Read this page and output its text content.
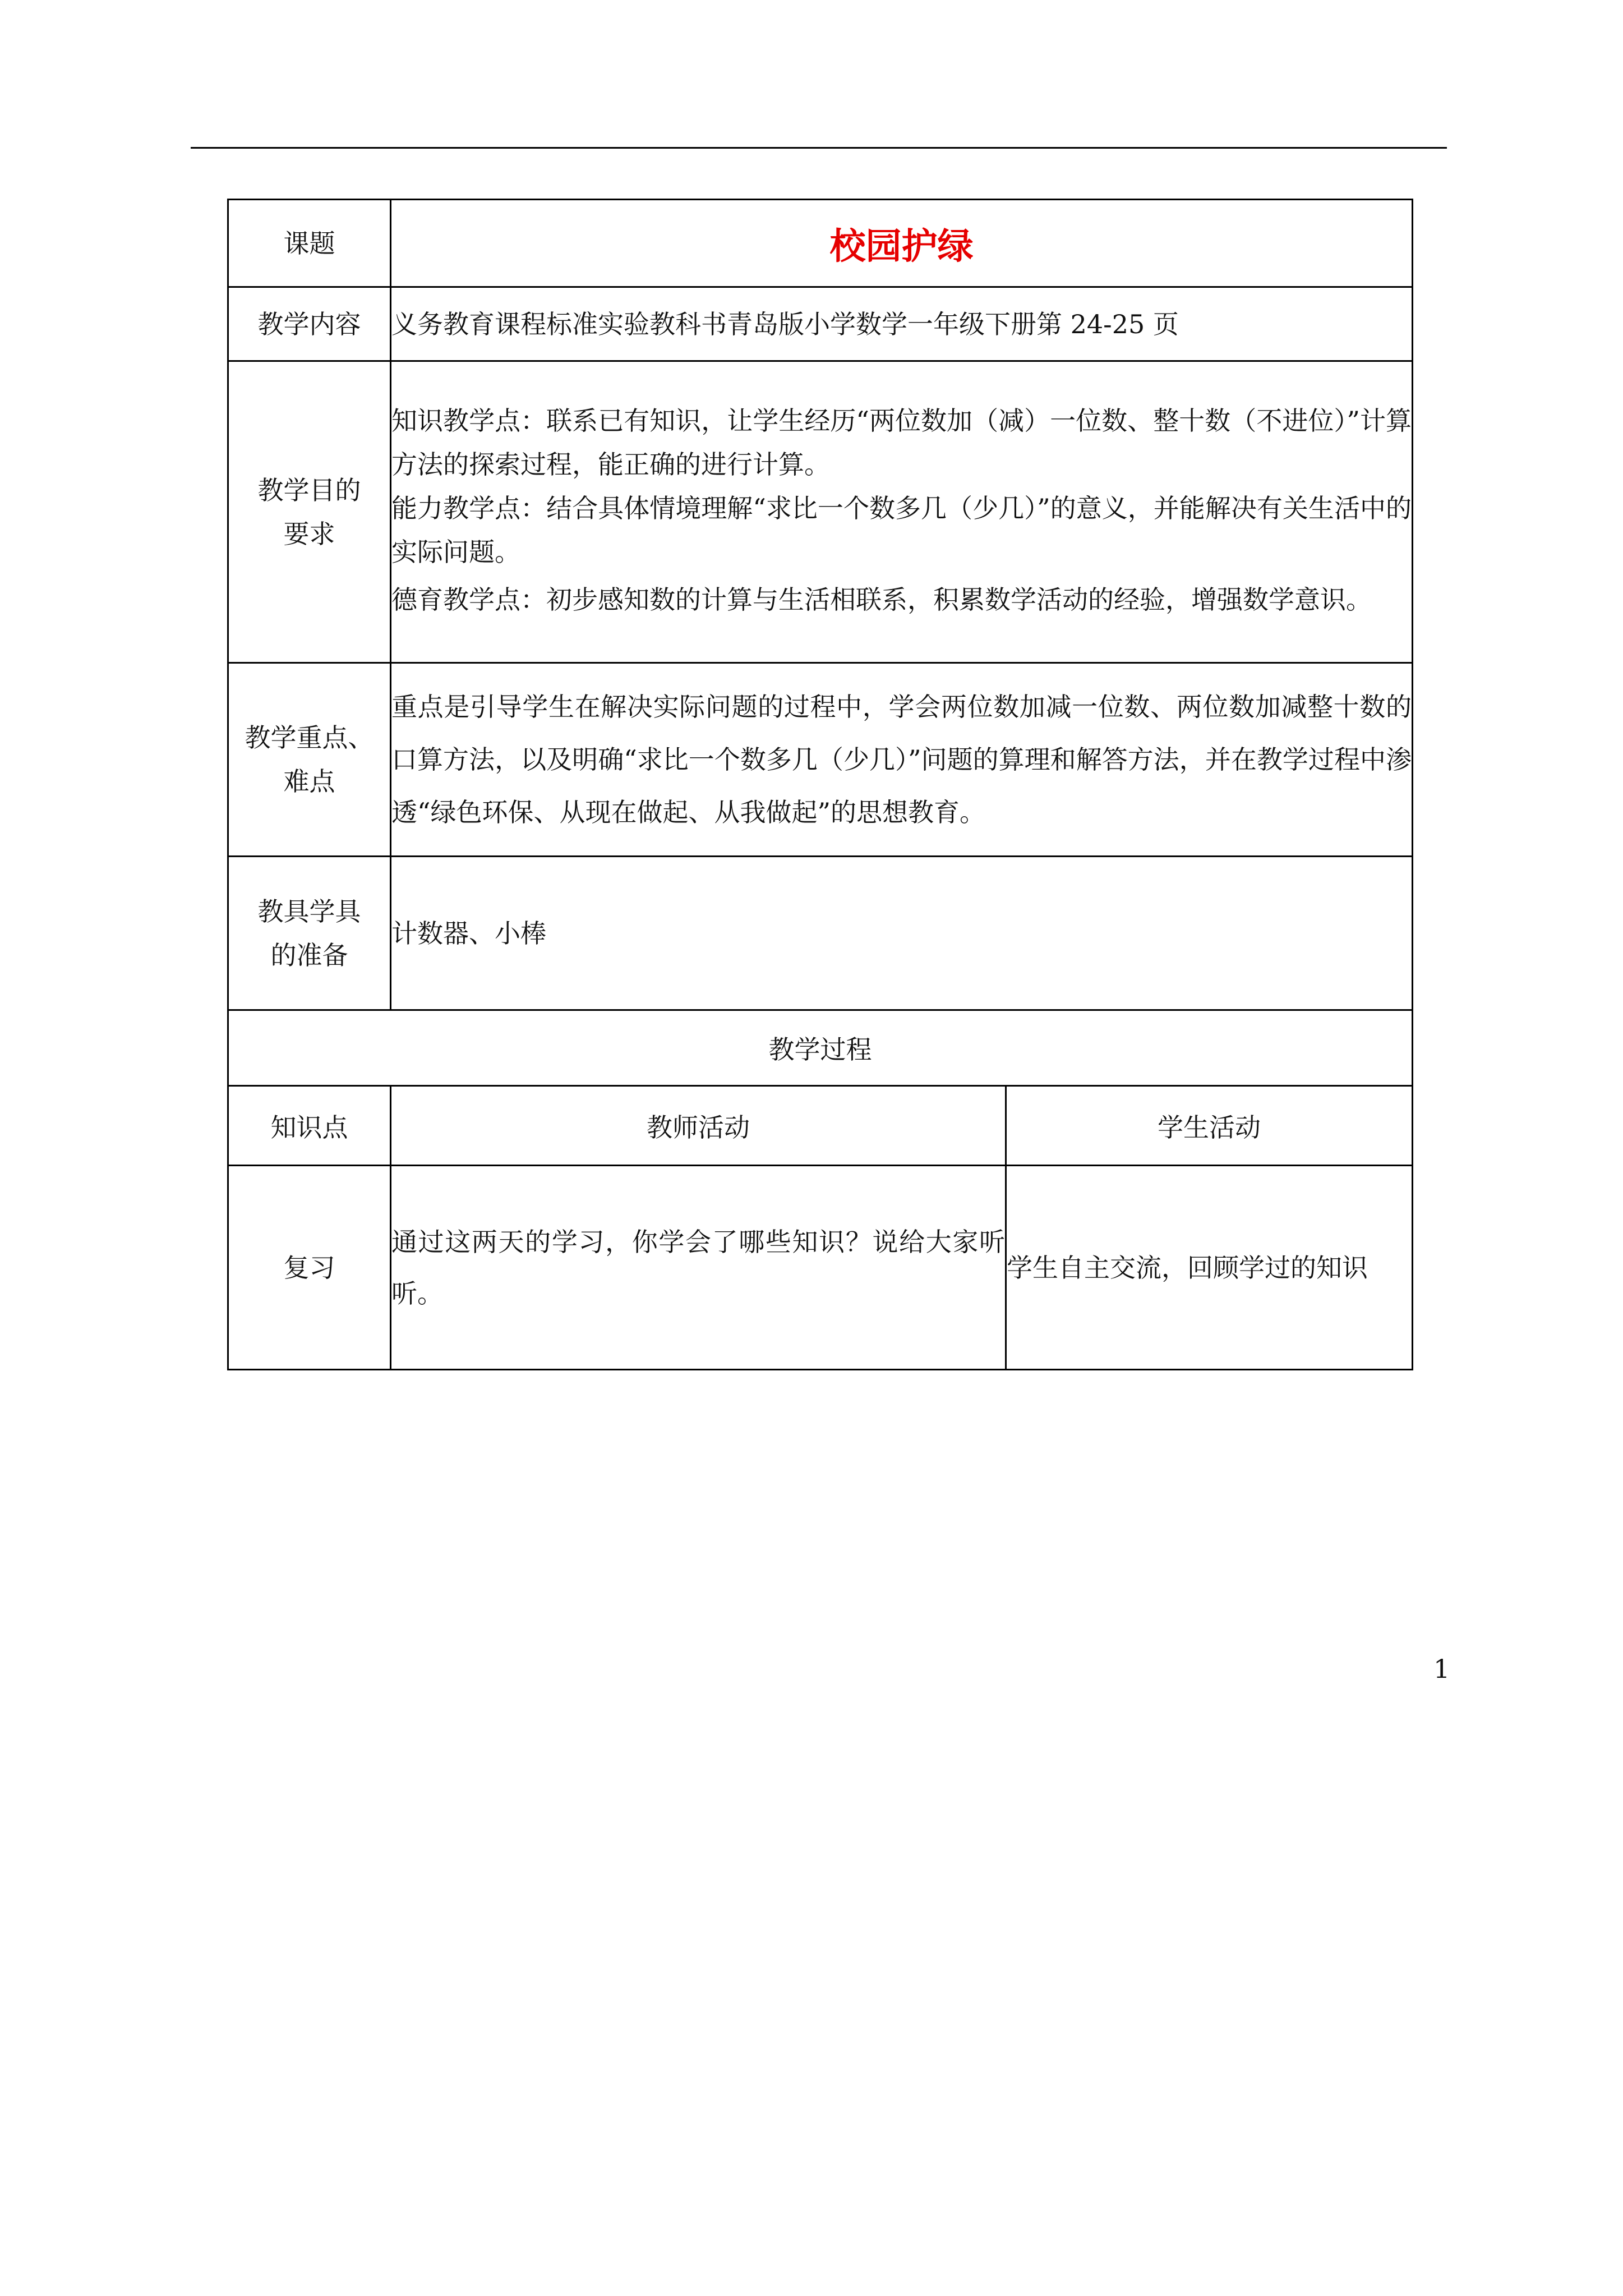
课题	校园护绿	
教学内容	义务教育课程标准实验教科书青岛版小学数学一年级下册第 24-25 页	
教学目的要求	知识教学点：联系已有知识，让学生经历“两位数加（减）一位数、整十数（不进位）”计算方法的探索过程，能正确的进行计算。

能力教学点：结合具体情境理解“求比一个数多几（少几）”的意义，并能解决有关生活中的实际问题。

德育教学点：初步感知数的计算与生活相联系，积累数学活动的经验，增强数学意识。	

教学重点、难点	重点是引导学生在解决实际问题的过程中，学会两位数加减一位数、两位数加减整十数的口算方法，以及明确“求比一个数多几（少几）”问题的算理和解答方法，并在教学过程中渗透“绿色环保、从现在做起、从我做起”的思想教育。	
教具学具的准备	计数器、小棒	
教学过程		
知识点	教师活动	学生活动
复习	通过这两天的学习，你学会了哪些知识？说给大家听听。	学生自主交流，回顾学过的知识
1
